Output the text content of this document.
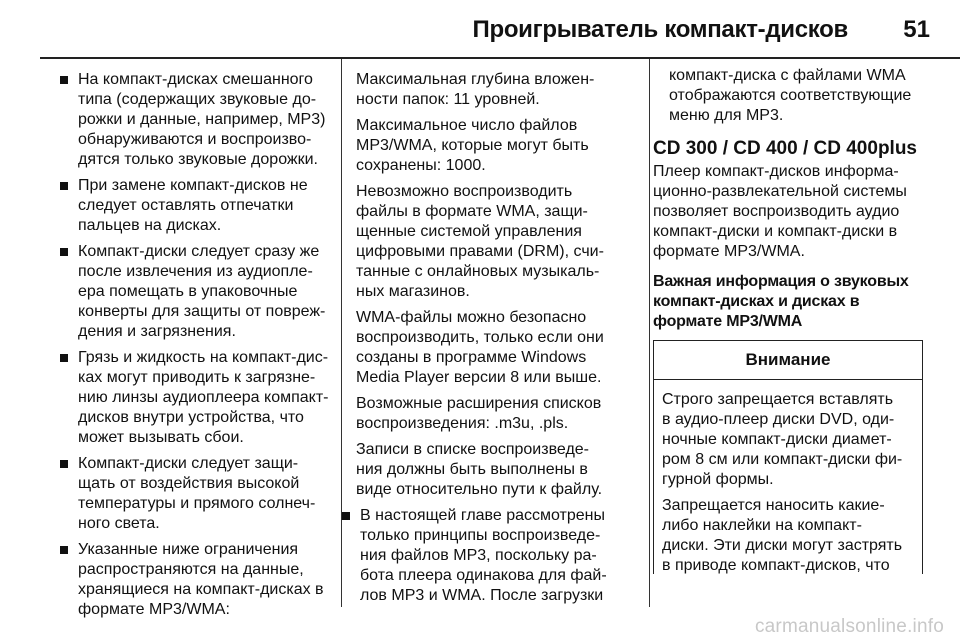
Проигрыватель компакт-дисков 51
На компакт-дисках смешанного
типа (содержащих звуковые до-
рожки и данные, например, MP3)
обнаруживаются и воспроизво-
дятся только звуковые дорожки.
При замене компакт-дисков не
следует оставлять отпечатки
пальцев на дисках.
Компакт-диски следует сразу же
после извлечения из аудиопле-
ера помещать в упаковочные
конверты для защиты от повреж-
дения и загрязнения.
Грязь и жидкость на компакт-дис-
ках могут приводить к загрязне-
нию линзы аудиоплеера компакт-
дисков внутри устройства, что
может вызывать сбои.
Компакт-диски следует защи-
щать от воздействия высокой
температуры и прямого солнеч-
ного света.
Указанные ниже ограничения
распространяются на данные,
хранящиеся на компакт-дисках в
формате MP3/WMA:

Максимальная глубина вложен-
ности папок: 11 уровней.

Максимальное число файлов
MP3/WMA, которые могут быть
сохранены: 1000.

Невозможно воспроизводить
файлы в формате WMA, защи-
щенные системой управления
цифровыми правами (DRM), счи-
танные с онлайновых музыкаль-
ных магазинов.

WMA-файлы можно безопасно
воспроизводить, только если они
созданы в программе Windows
Media Player версии 8 или выше.

Возможные расширения списков
воспроизведения: .m3u, .pls.

Записи в списке воспроизведе-
ния должны быть выполнены в
виде относительно пути к файлу.

В настоящей главе рассмотрены
только принципы воспроизведе-
ния файлов MP3, поскольку ра-
бота плеера одинакова для фай-
лов MP3 и WMA. После загрузки

компакт-диска с файлами WMA
отображаются соответствующие
меню для MP3.

CD 300 / CD 400 / CD 400plus

Плеер компакт-дисков информа-
ционно-развлекательной системы
позволяет воспроизводить аудио
компакт-диски и компакт-диски в
формате MP3/WMA.

Важная информация о звуковых
компакт-дисках и дисках в
формате MP3/WMA
Внимание

Строго запрещается вставлять
в аудио-плеер диски DVD, оди-
ночные компакт-диски диамет-
ром 8 см или компакт-диски фи-
гурной формы.

Запрещается наносить какие-
либо наклейки на компакт-
диски. Эти диски могут застрять
в приводе компакт-дисков, что

carmanualsonline.info
